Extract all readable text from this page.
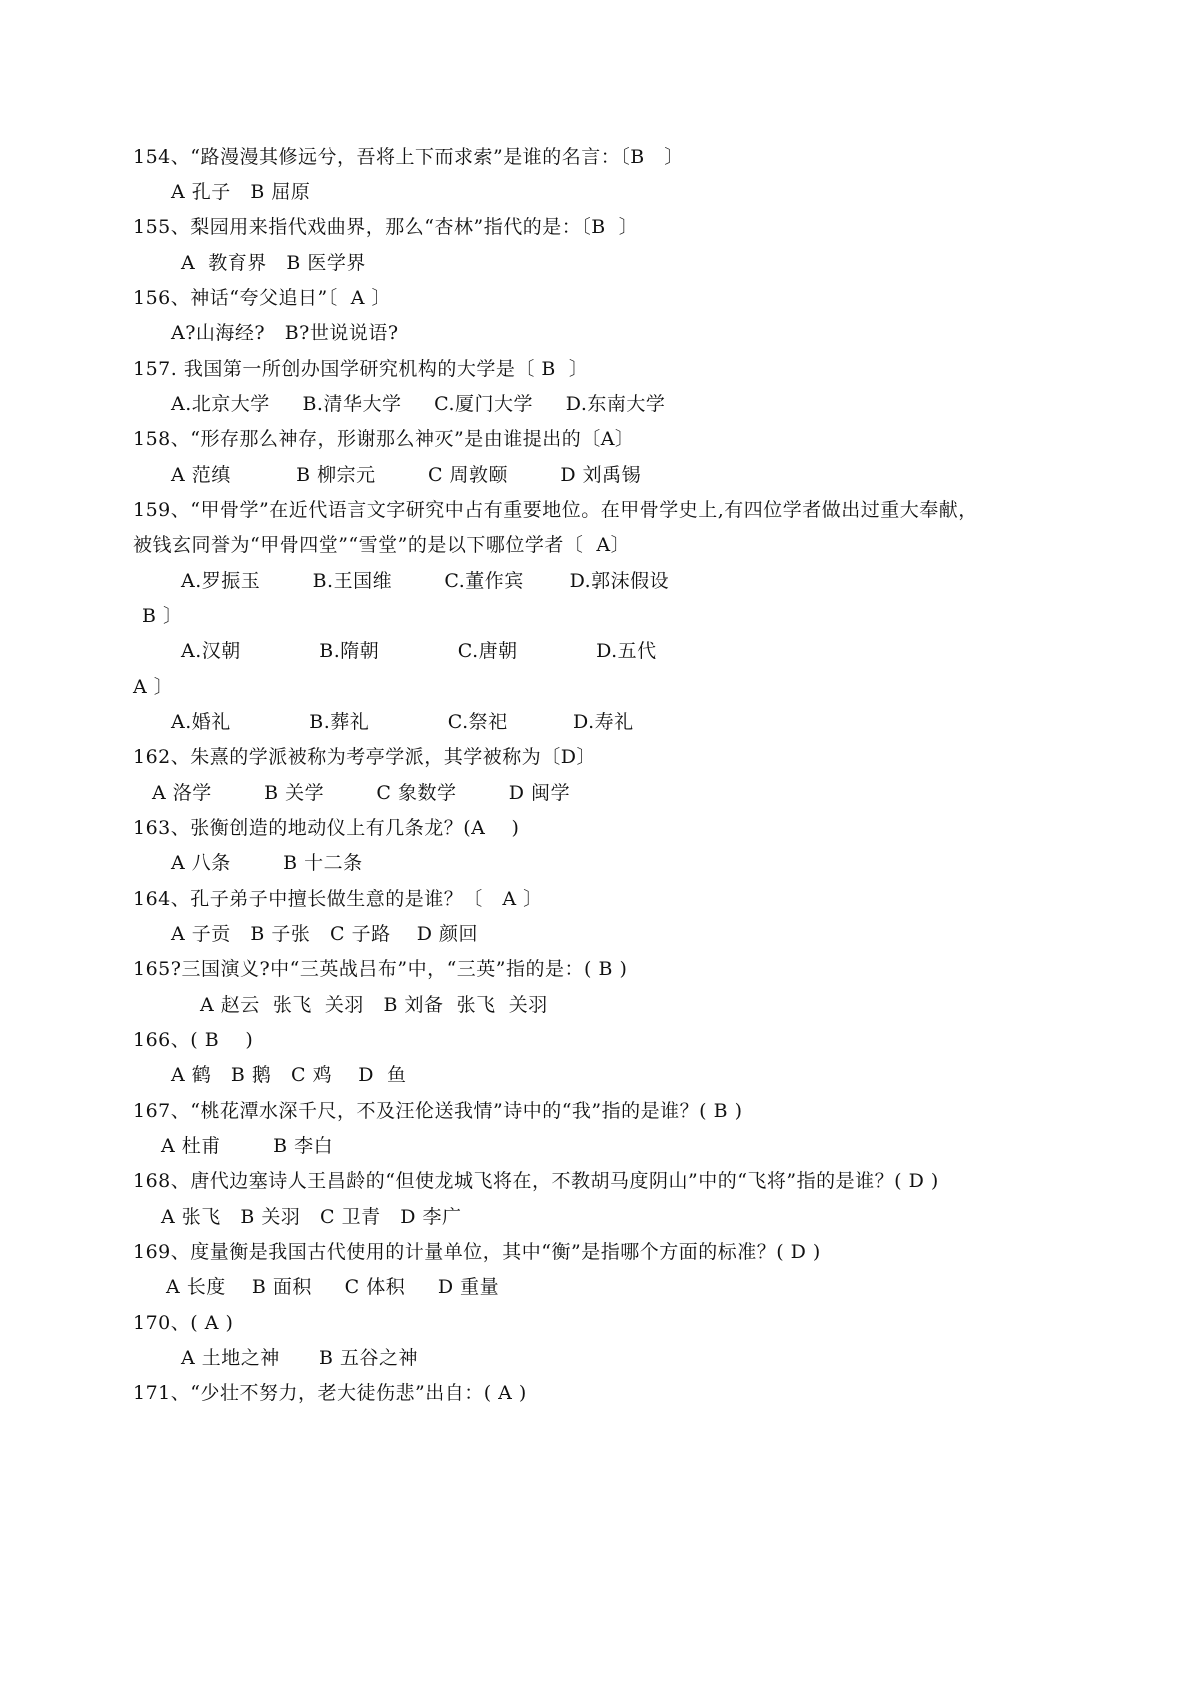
154、“路漫漫其修远兮，吾将上下而求索”是谁的名言：〔B   〕
A 孔子   B 屈原
155、梨园用来指代戏曲界，那么“杏林”指代的是：〔B  〕
A  教育界   B 医学界
156、神话“夸父追日”〔  A 〕
A?山海经?   B?世说说语?
157. 我国第一所创办国学研究机构的大学是〔 B  〕
A.北京大学     B.清华大学     C.厦门大学     D.东南大学
158、“形存那么神存，形谢那么神灭”是由谁提出的〔A〕
A 范缜          B 柳宗元        C 周敦颐        D 刘禹锡
159、“甲骨学”在近代语言文字研究中占有重要地位。在甲骨学史上,有四位学者做出过重大奉献，
被钱玄同誉为“甲骨四堂”“雪堂”的是以下哪位学者〔  A〕
A.罗振玉        B.王国维        C.董作宾       D.郭沫假设
B 〕
A.汉朝            B.隋朝            C.唐朝            D.五代
A 〕
A.婚礼            B.葬礼            C.祭祀          D.寿礼
162、朱熹的学派被称为考亭学派，其学被称为〔D〕
A 洛学        B 关学        C 象数学        D 闽学
163、张衡创造的地动仪上有几条龙？(A    )
A 八条        B 十二条
164、孔子弟子中擅长做生意的是谁？〔   A 〕
A 子贡   B 子张   C 子路    D 颜回
165?三国演义?中“三英战吕布”中，“三英”指的是：( B )
A 赵云  张飞  关羽   B 刘备  张飞  关羽
166、( B    )
A 鹤   B 鹅   C 鸡    D  鱼
167、“桃花潭水深千尺，不及汪伦送我情”诗中的“我”指的是谁？( B )
A 杜甫        B 李白
168、唐代边塞诗人王昌龄的“但使龙城飞将在，不教胡马度阴山”中的“飞将”指的是谁？( D )
A 张飞   B 关羽   C 卫青   D 李广
169、度量衡是我国古代使用的计量单位，其中“衡”是指哪个方面的标准？( D )
A 长度    B 面积     C 体积     D 重量
170、( A )
A 土地之神      B 五谷之神
171、“少壮不努力，老大徒伤悲”出自：( A )
